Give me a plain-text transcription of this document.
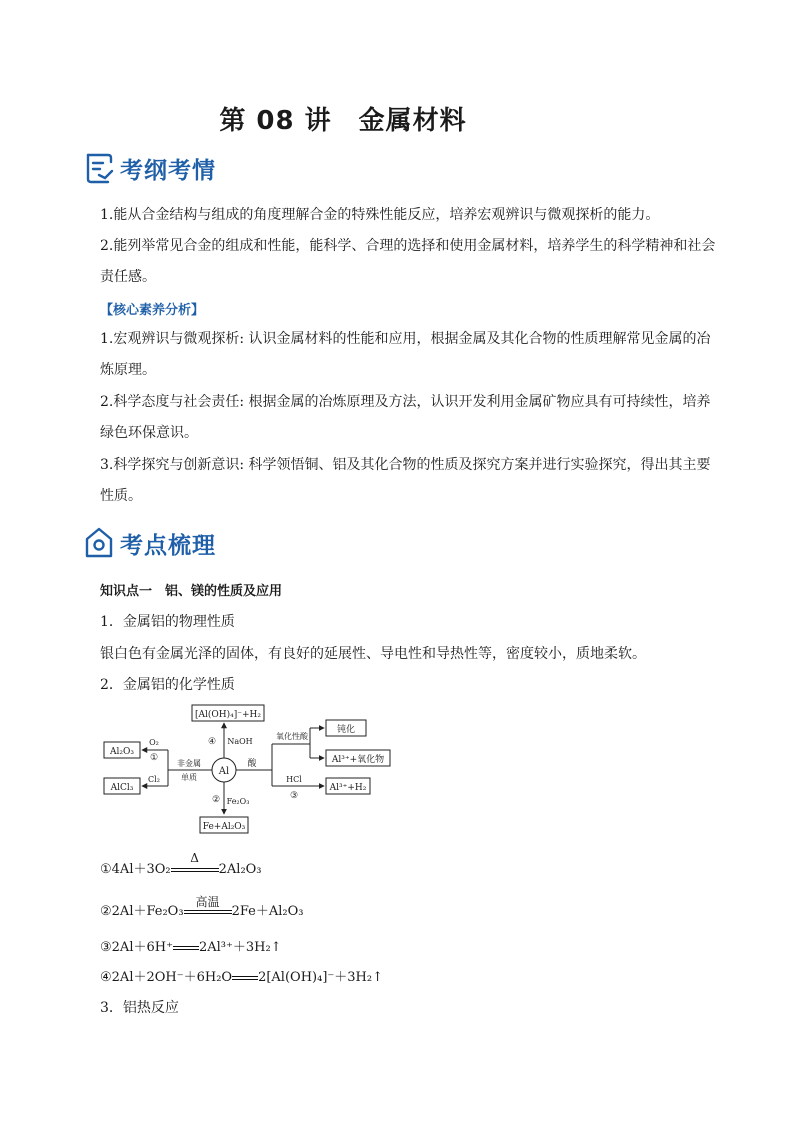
第 08 讲　金属材料
考纲考情

1.能从合金结构与组成的角度理解合金的特殊性能反应，培养宏观辨识与微观探析的能力。

2.能列举常见合金的组成和性能，能科学、合理的选择和使用金属材料，培养学生的科学精神和社会责任感。

【核心素养分析】

1.宏观辨识与微观探析: 认识金属材料的性能和应用，根据金属及其化合物的性质理解常见金属的冶炼原理。

2.科学态度与社会责任: 根据金属的冶炼原理及方法，认识开发利用金属矿物应具有可持续性，培养绿色环保意识。

3.科学探究与创新意识: 科学领悟铜、铝及其化合物的性质及探究方案并进行实验探究，得出其主要性质。

考点梳理
知识点一　铝、镁的性质及应用
1．金属铝的物理性质
银白色有金属光泽的固体，有良好的延展性、导电性和导热性等，密度较小，质地柔软。
2．金属铝的化学性质
Al
[Al(OH)₄]⁻+H₂
④ NaOH
Al₂O₃
AlCl₃
O₂
①
Cl₂
非金属
单质
Fe+Al₂O₃
② Fe₂O₃
酸
氧化性酸
钝化
Al³⁺+氧化物
HCl
③
Al³⁺+H₂
①4Al＋3O₂
Δ
2Al₂O₃
②2Al＋Fe₂O₃
高温
2Fe＋Al₂O₃
③2Al＋6H⁺ 2Al³⁺＋3H₂↑
④2Al＋2OH⁻＋6H₂O 2[Al(OH)₄]⁻＋3H₂↑
3．铝热反应
